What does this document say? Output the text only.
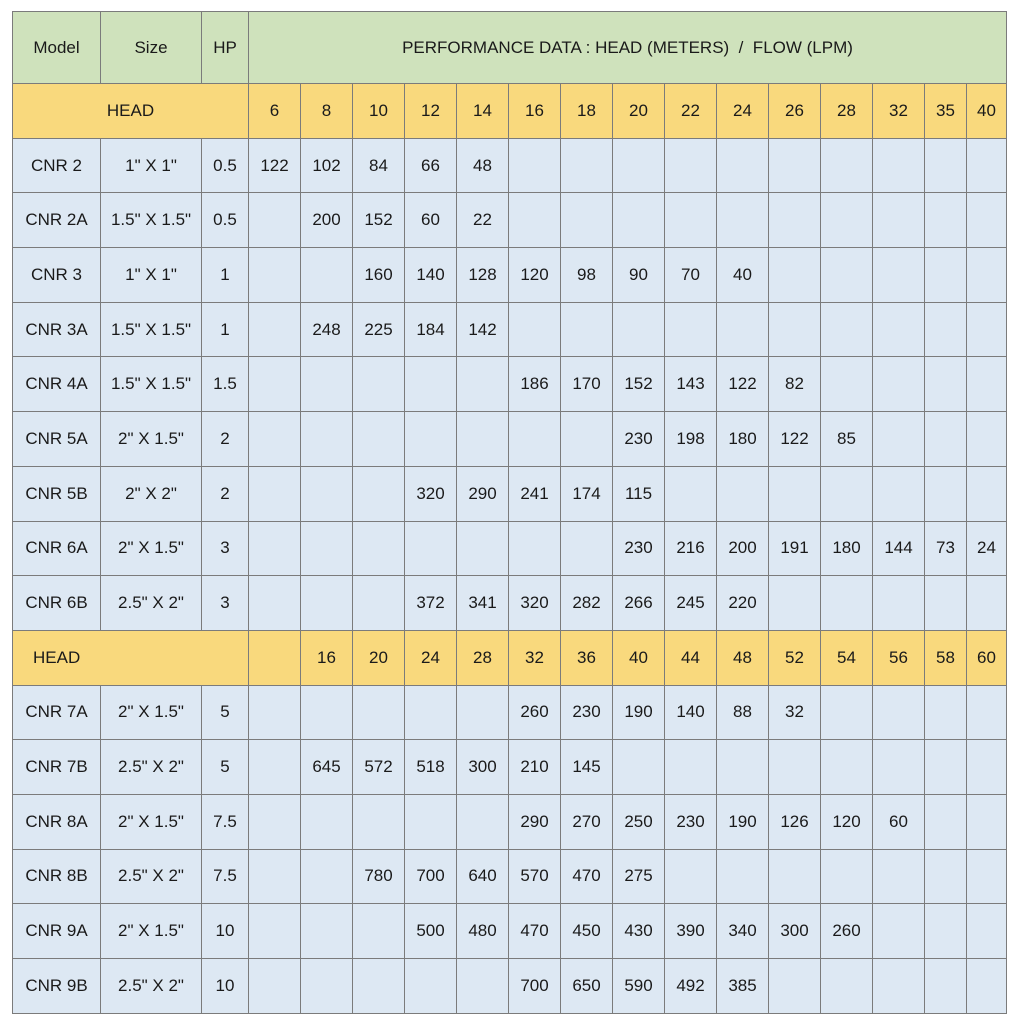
Model	Size	HP	PERFORMANCE DATA : HEAD (METERS)  /  FLOW (LPM)														
HEAD			6	8	10	12	14	16	18	20	22	24	26	28	32	35	40
CNR 2	1" X 1"	0.5	122	102	84	66	48										
CNR 2A	1.5" X 1.5"	0.5		200	152	60	22										
CNR 3	1" X 1"	1			160	140	128	120	98	90	70	40					
CNR 3A	1.5" X 1.5"	1		248	225	184	142										
CNR 4A	1.5" X 1.5"	1.5						186	170	152	143	122	82				
CNR 5A	2" X 1.5"	2								230	198	180	122	85			
CNR 5B	2" X 2"	2				320	290	241	174	115							
CNR 6A	2" X 1.5"	3								230	216	200	191	180	144	73	24
CNR 6B	2.5" X 2"	3				372	341	320	282	266	245	220					
HEAD				16	20	24	28	32	36	40	44	48	52	54	56	58	60
CNR 7A	2" X 1.5"	5						260	230	190	140	88	32				
CNR 7B	2.5" X 2"	5		645	572	518	300	210	145								
CNR 8A	2" X 1.5"	7.5						290	270	250	230	190	126	120	60		
CNR 8B	2.5" X 2"	7.5			780	700	640	570	470	275							
CNR 9A	2" X 1.5"	10				500	480	470	450	430	390	340	300	260			
CNR 9B	2.5" X 2"	10						700	650	590	492	385					
